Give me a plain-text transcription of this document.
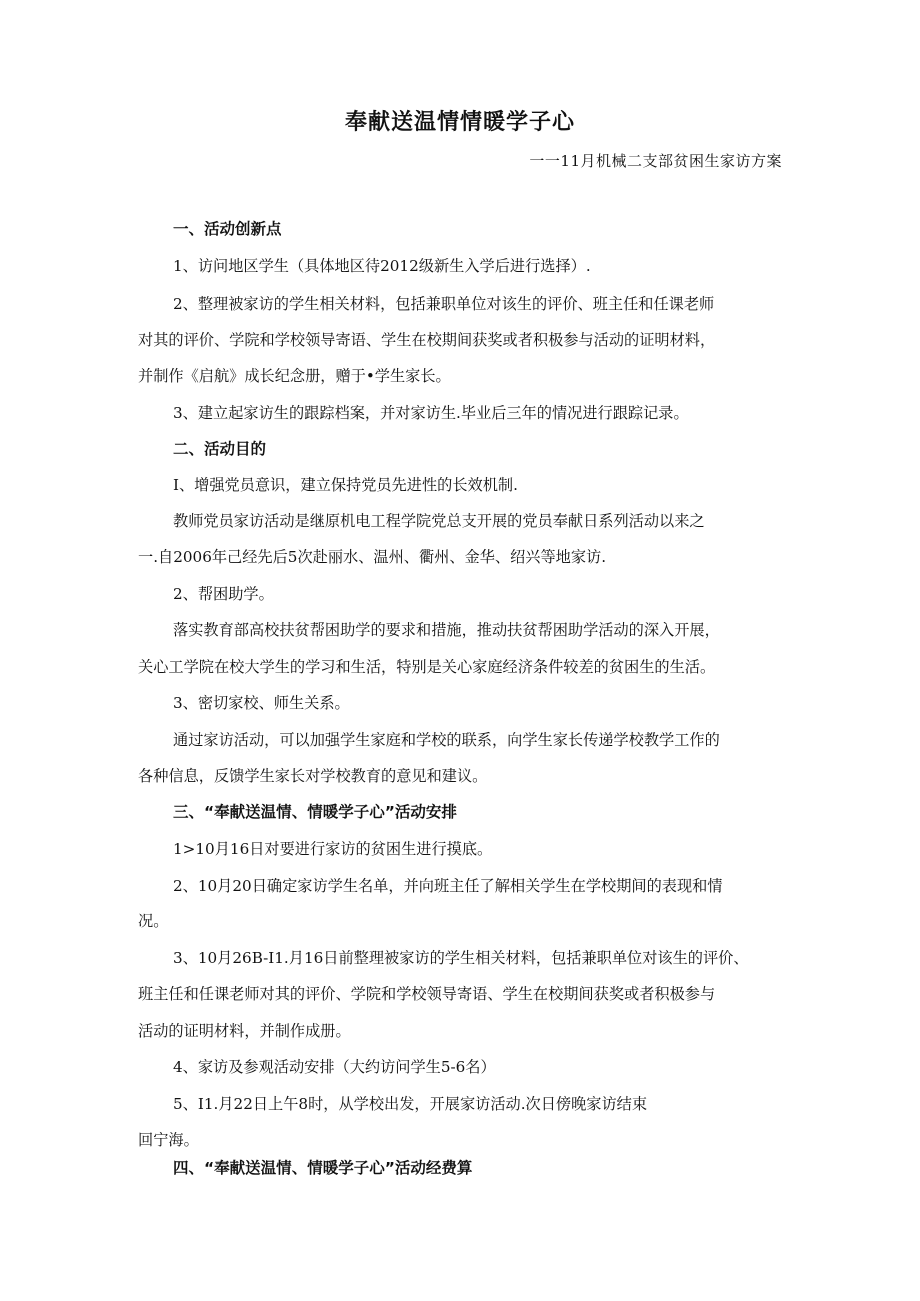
奉献送温情情暖学子心
一一11月机械二支部贫困生家访方案
一、活动创新点
1、访问地区学生（具体地区待2012级新生入学后进行选择）.
2、整理被家访的学生相关材料，包括兼职单位对该生的评价、班主任和任课老师
对其的评价、学院和学校领导寄语、学生在校期间获奖或者积极参与活动的证明材料，
并制作《启航》成长纪念册，赠于•学生家长。
3、建立起家访生的跟踪档案，并对家访生.毕业后三年的情况进行跟踪记录。
二、活动目的
I、增强党员意识，建立保持党员先进性的长效机制.
教师党员家访活动是继原机电工程学院党总支开展的党员奉献日系列活动以来之
一.自2006年己经先后5次赴丽水、温州、衢州、金华、绍兴等地家访.
2、帮困助学。
落实教育部高校扶贫帮困助学的要求和措施，推动扶贫帮困助学活动的深入开展，
关心工学院在校大学生的学习和生活，特别是关心家庭经济条件较差的贫困生的生活。
3、密切家校、师生关系。
通过家访活动，可以加强学生家庭和学校的联系，向学生家长传递学校教学工作的
各种信息，反馈学生家长对学校教育的意见和建议。
三、“奉献送温情、情暖学子心”活动安排
1>10月16日对要进行家访的贫困生进行摸底。
2、10月20日确定家访学生名单，并向班主任了解相关学生在学校期间的表现和情
况。
3、10月26B-I1.月16日前整理被家访的学生相关材料，包括兼职单位对该生的评价、
班主任和任课老师对其的评价、学院和学校领导寄语、学生在校期间获奖或者积极参与
活动的证明材料，并制作成册。
4、家访及参观活动安排（大约访问学生5-6名）
5、I1.月22日上午8时，从学校出发，开展家访活动.次日傍晚家访结束
回宁海。
四、“奉献送温情、情暖学子心”活动经费算
